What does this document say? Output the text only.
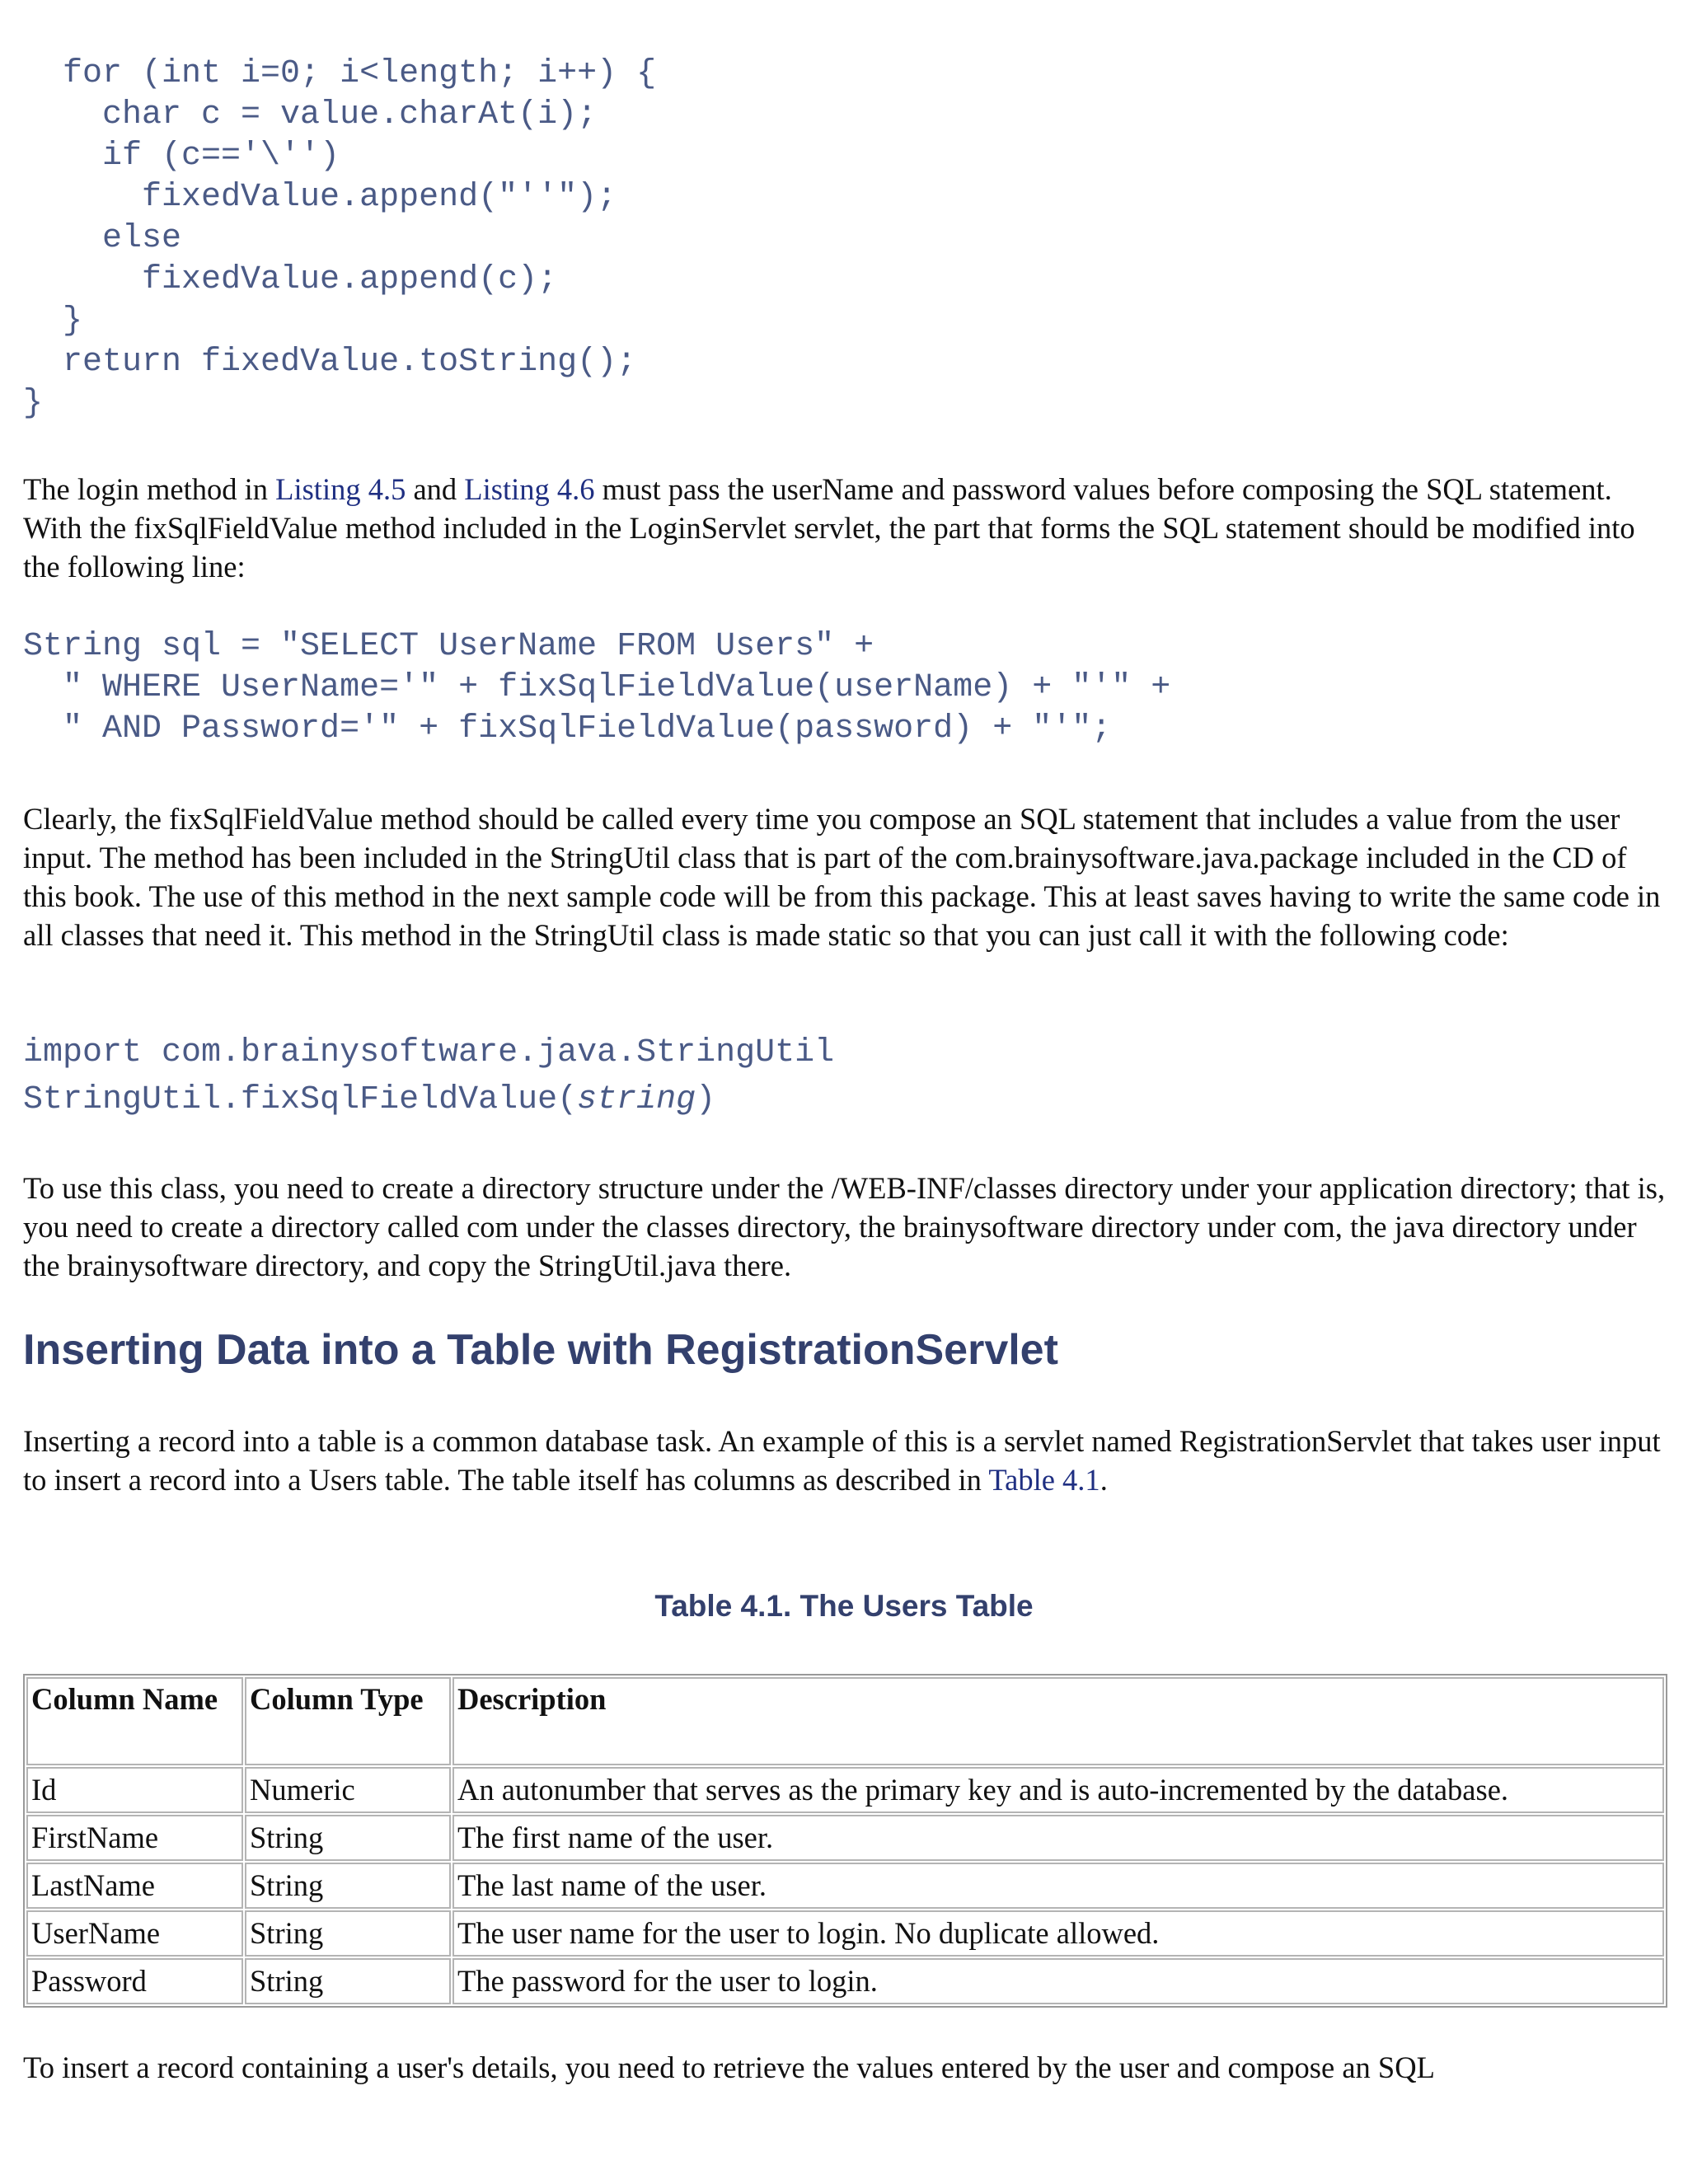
for (int i=0; i<length; i++) {
char c = value.charAt(i);
if (c=='\'')
fixedValue.append("''");
else
fixedValue.append(c);
}
return fixedValue.toString();
}

The login method in Listing 4.5 and Listing 4.6 must pass the userName and password values before composing the SQL statement. With the fixSqlFieldValue method included in the LoginServlet servlet, the part that forms the SQL statement should be modified into the following line:

String sql = "SELECT UserName FROM Users" +
" WHERE UserName='" + fixSqlFieldValue(userName) + "'" +
" AND Password='" + fixSqlFieldValue(password) + "'";

Clearly, the fixSqlFieldValue method should be called every time you compose an SQL statement that includes a value from the user input. The method has been included in the StringUtil class that is part of the com.brainysoftware.java.package included in the CD of this book. The use of this method in the next sample code will be from this package. This at least saves having to write the same code in all classes that need it. This method in the StringUtil class is made static so that you can just call it with the following code:

import com.brainysoftware.java.StringUtil
StringUtil.fixSqlFieldValue(string)

To use this class, you need to create a directory structure under the /WEB-INF/classes directory under your application directory; that is, you need to create a directory called com under the classes directory, the brainysoftware directory under com, the java directory under the brainysoftware directory, and copy the StringUtil.java there.

Inserting Data into a Table with RegistrationServlet

Inserting a record into a table is a common database task. An example of this is a servlet named RegistrationServlet that takes user input to insert a record into a Users table. The table itself has columns as described in Table 4.1.

Table 4.1. The Users Table

Column Name	Column Type	Description
Id	Numeric	An autonumber that serves as the primary key and is auto-incremented by the database.
FirstName	String	The first name of the user.
LastName	String	The last name of the user.
UserName	String	The user name for the user to login. No duplicate allowed.
Password	String	The password for the user to login.

To insert a record containing a user's details, you need to retrieve the values entered by the user and compose an SQL
